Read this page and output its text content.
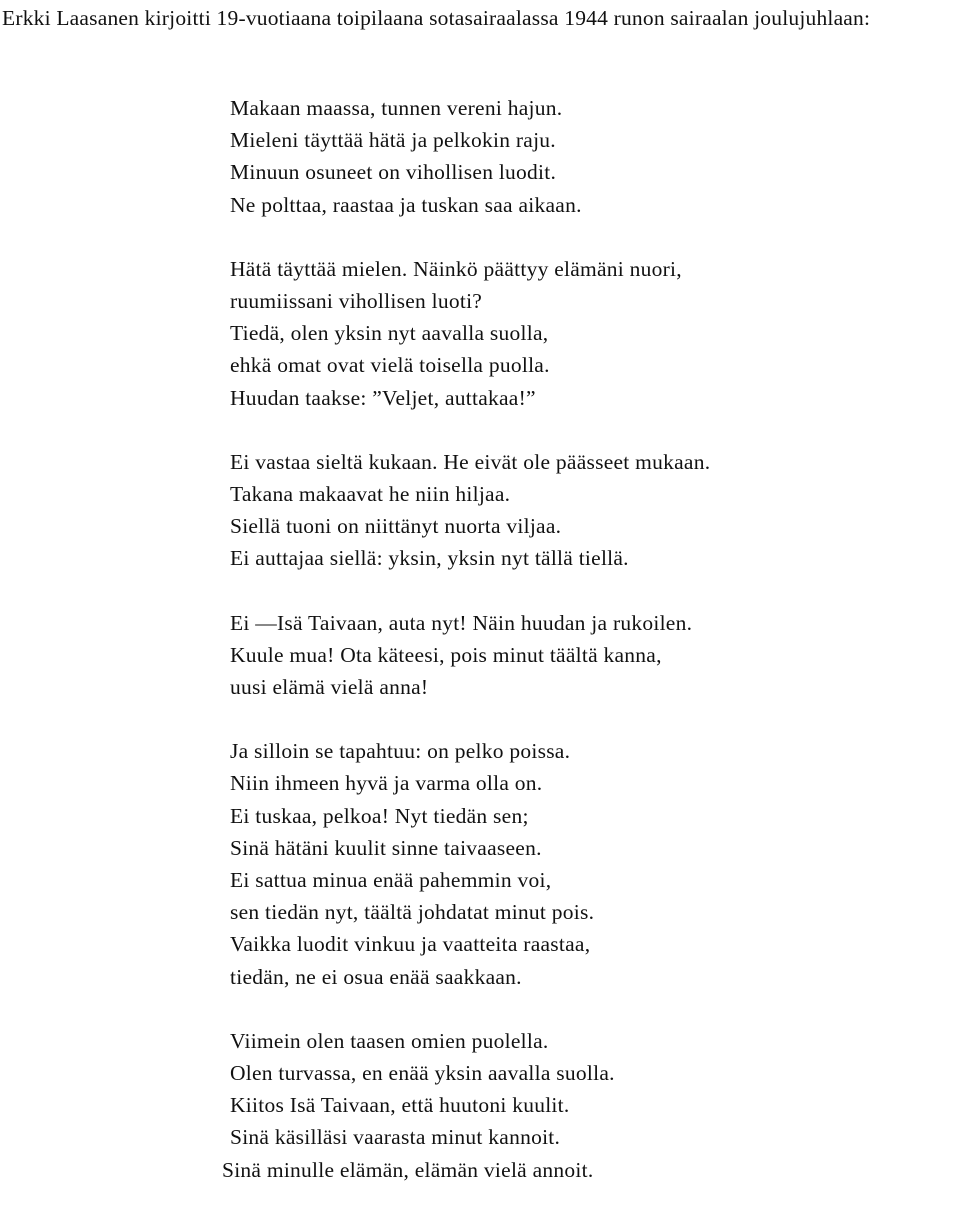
Erkki Laasanen kirjoitti 19-vuotiaana toipilaana sotasairaalassa 1944 runon sairaalan joulujuhlaan:

Makaan maassa, tunnen vereni hajun.
Mieleni täyttää hätä ja pelkokin raju.
Minuun osuneet on vihollisen luodit.
Ne polttaa, raastaa ja tuskan saa aikaan.
Hätä täyttää mielen. Näinkö päättyy elämäni nuori,
ruumiissani vihollisen luoti?
Tiedä, olen yksin nyt aavalla suolla,
ehkä omat ovat vielä toisella puolla.
Huudan taakse: ”Veljet, auttakaa!”
Ei vastaa sieltä kukaan. He eivät ole päässeet mukaan.
Takana makaavat he niin hiljaa.
Siellä tuoni on niittänyt nuorta viljaa.
Ei auttajaa siellä: yksin, yksin nyt tällä tiellä.
Ei —Isä Taivaan, auta nyt! Näin huudan ja rukoilen.
Kuule mua! Ota käteesi, pois minut täältä kanna,
uusi elämä vielä anna!
Ja silloin se tapahtuu: on pelko poissa.
Niin ihmeen hyvä ja varma olla on.
Ei tuskaa, pelkoa! Nyt tiedän sen;
Sinä hätäni kuulit sinne taivaaseen.
Ei sattua minua enää pahemmin voi,
sen tiedän nyt, täältä johdatat minut pois.
Vaikka luodit vinkuu ja vaatteita raastaa,
tiedän, ne ei osua enää saakkaan.
Viimein olen taasen omien puolella.
Olen turvassa, en enää yksin aavalla suolla.
Kiitos Isä Taivaan, että huutoni kuulit.
Sinä käsilläsi vaarasta minut kannoit.
Sinä minulle elämän, elämän vielä annoit.
